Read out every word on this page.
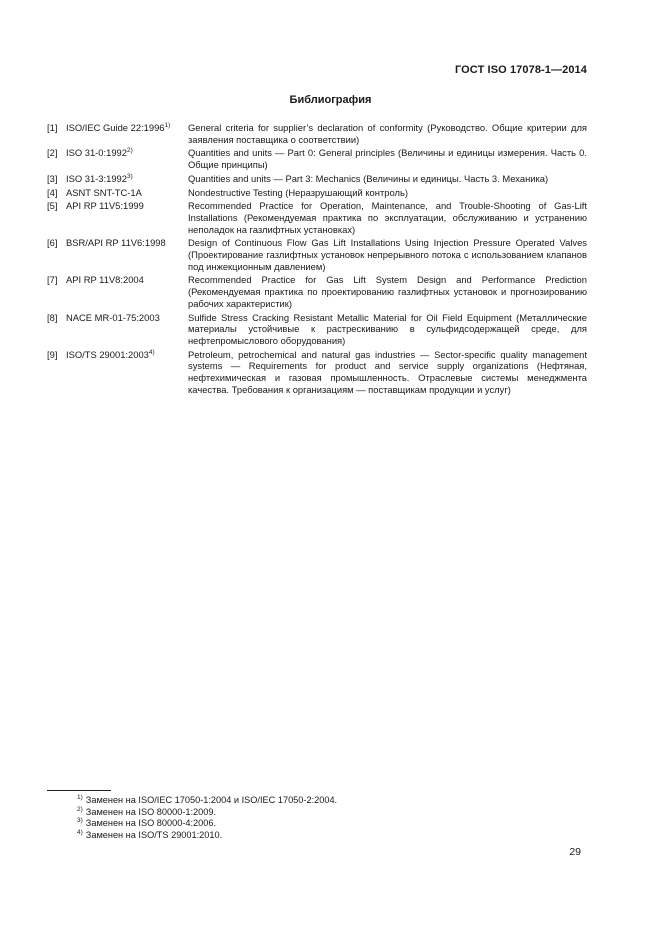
ГОСТ ISO 17078-1—2014
Библиография
[1] ISO/IEC Guide 22:1996$^{1)}$	General criteria for supplier’s declaration of conformity (Руководство. Общие критерии для заявления поставщика о соответствии)
[2] ISO 31-0:1992$^{2)}$	Quantities and units — Part 0: General principles (Величины и единицы измерения. Часть 0. Общие принципы)
[3] ISO 31-3:1992$^{3)}$	Quantities and units — Part 3: Mechanics (Величины и единицы. Часть 3. Механика)
[4] ASNT SNT-TC-1A	Nondestructive Testing (Неразрушающий контроль)
[5] API RP 11V5:1999	Recommended Practice for Operation, Maintenance, and Trouble-Shooting of Gas-Lift Installations (Рекомендуемая практика по эксплуатации, обслуживанию и устранению неполадок на газлифтных установках)
[6] BSR/API RP 11V6:1998	Design of Continuous Flow Gas Lift Installations Using Injection Pressure Operated Valves (Проектирование газлифтных установок непрерывного потока с использованием клапанов под инжекционным давлением)
[7] API RP 11V8:2004	Recommended Practice for Gas Lift System Design and Performance Prediction (Рекомендуемая практика по проектированию газлифтных установок и прогнозированию рабочих характеристик)
[8] NACE MR-01-75:2003	Sulfide Stress Cracking Resistant Metallic Material for Oil Field Equipment (Металлические материалы устойчивые к растрескиванию в сульфидсодержащей среде, для нефтепромыслового оборудования)
[9] ISO/TS 29001:2003$^{4)}$	Petroleum, petrochemical and natural gas industries — Sector-specific quality management systems — Requirements for product and service supply organizations (Нефтяная, нефтехимическая и газовая промышленность. Отраслевые системы менеджмента качества. Требования к организациям — поставщикам продукции и услуг)
$^{1)}$ Заменен на ISO/IEC 17050-1:2004 и ISO/IEC 17050-2:2004.
$^{2)}$ Заменен на ISO 80000-1:2009.
$^{3)}$ Заменен на ISO 80000-4:2006.
$^{4)}$ Заменен на ISO/TS 29001:2010.
29
